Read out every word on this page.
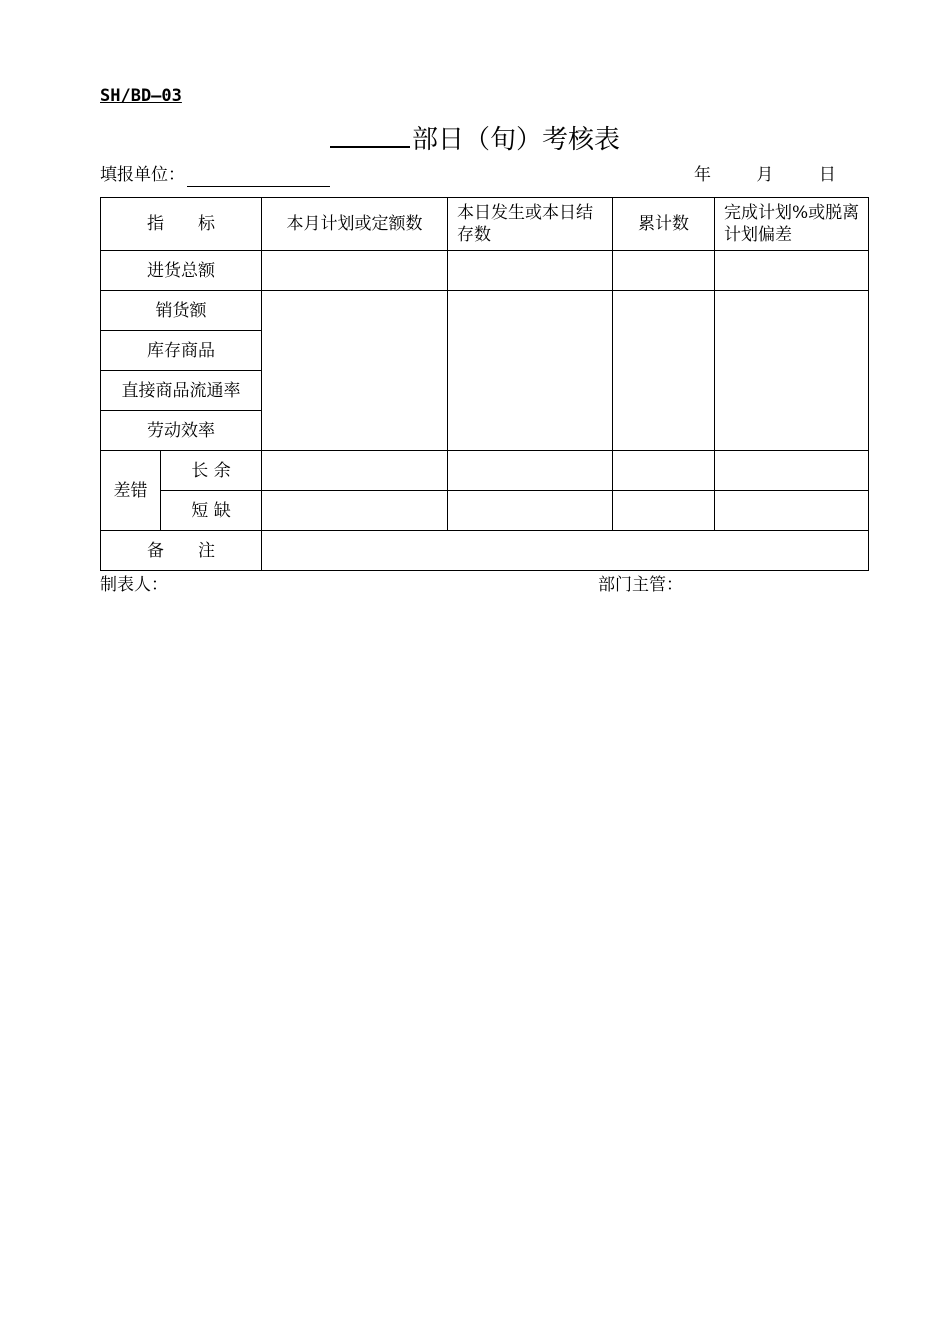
SH/BD—03
部日（旬）考核表
填报单位：	年	月	日
指　　标		本月计划或定额数	本日发生或本日结存数	累计数	完成计划%或脱离计划偏差
进货总额					
销货额					
库存商品					
直接商品流通率					
劳动效率					
差错	长 余				
	短 缺				
备　　注					
制表人：	部门主管：
